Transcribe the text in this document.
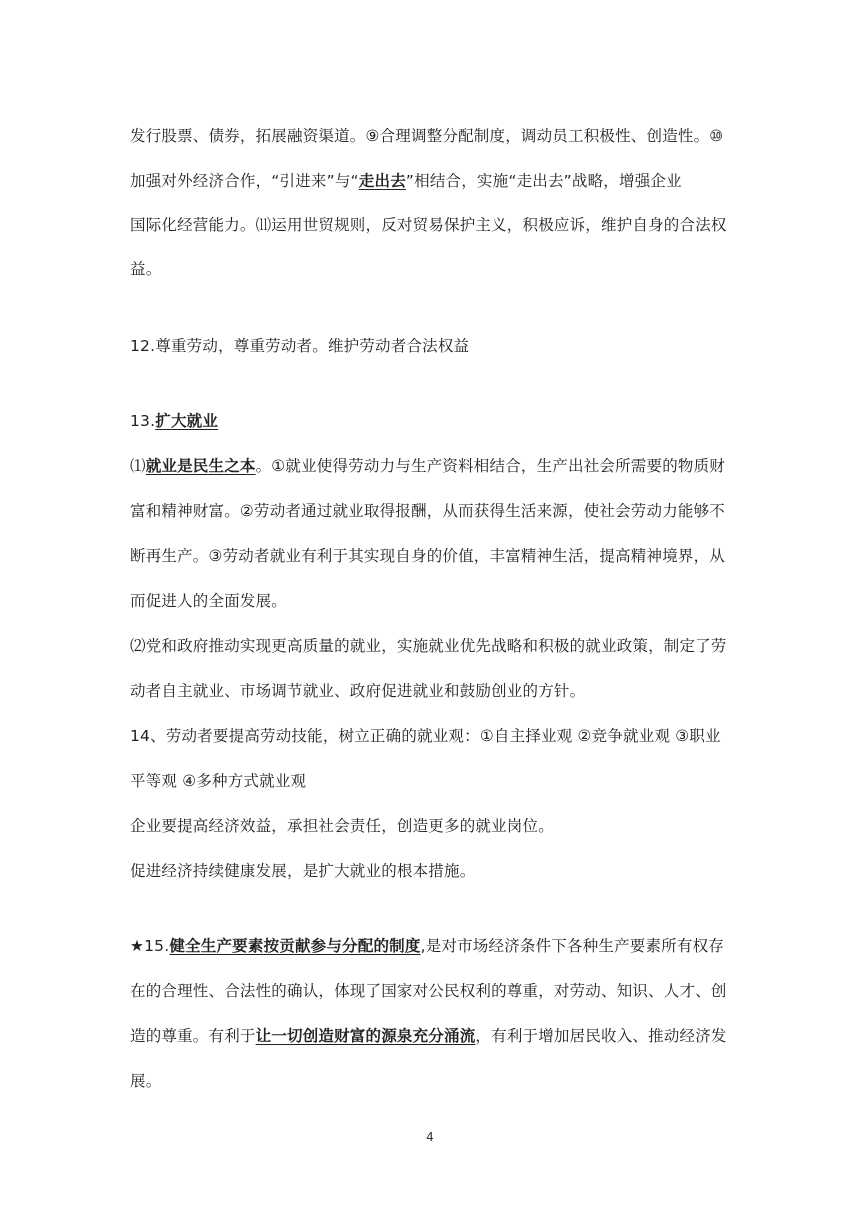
发行股票、债券，拓展融资渠道。⑨合理调整分配制度，调动员工积极性、创造性。⑩
加强对外经济合作，“引进来”与“走出去”相结合，实施“走出去”战略，增强企业
国际化经营能力。⑾运用世贸规则，反对贸易保护主义，积极应诉，维护自身的合法权
益。
12.尊重劳动，尊重劳动者。维护劳动者合法权益
13.扩大就业
⑴就业是民生之本。①就业使得劳动力与生产资料相结合，生产出社会所需要的物质财
富和精神财富。②劳动者通过就业取得报酬，从而获得生活来源，使社会劳动力能够不
断再生产。③劳动者就业有利于其实现自身的价值，丰富精神生活，提高精神境界，从
而促进人的全面发展。
⑵党和政府推动实现更高质量的就业，实施就业优先战略和积极的就业政策，制定了劳
动者自主就业、市场调节就业、政府促进就业和鼓励创业的方针。
14、劳动者要提高劳动技能，树立正确的就业观：①自主择业观 ②竞争就业观 ③职业
平等观 ④多种方式就业观
企业要提高经济效益，承担社会责任，创造更多的就业岗位。
促进经济持续健康发展，是扩大就业的根本措施。
★15.健全生产要素按贡献参与分配的制度,是对市场经济条件下各种生产要素所有权存
在的合理性、合法性的确认，体现了国家对公民权利的尊重，对劳动、知识、人才、创
造的尊重。有利于让一切创造财富的源泉充分涌流，有利于增加居民收入、推动经济发
展。
4
